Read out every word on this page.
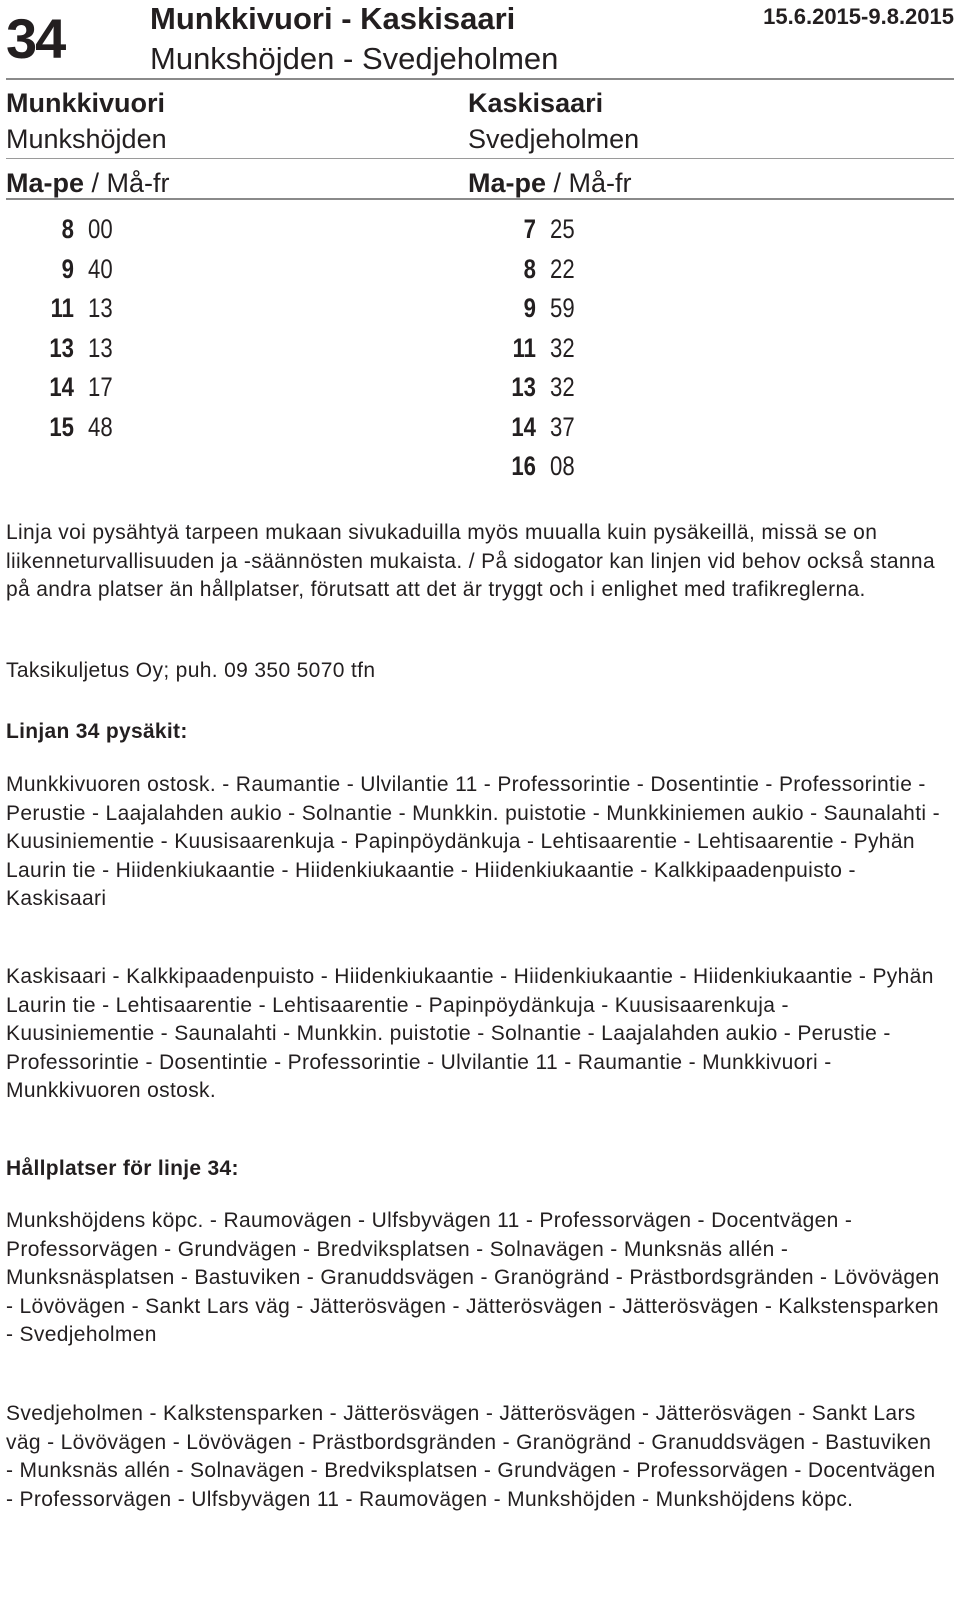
34	Munkkivuori - Kaskisaari
Munkshöjden - Svedjeholmen
15.6.2015-9.8.2015
Munkkivuori
Munkshöjden
Ma-pe / Må-fr
8 00
9 40
11 13
13 13
14 17
15 48
Kaskisaari
Svedjeholmen
Ma-pe / Må-fr
7 25
8 22
9 59
11 32
13 32
14 37
16 08
Linja voi pysähtyä tarpeen mukaan sivukaduilla myös muualla kuin pysäkeillä, missä se on liikenneturvallisuuden ja -säännösten mukaista. / På sidogator kan linjen vid behov också stanna på andra platser än hållplatser, förutsatt att det är tryggt och i enlighet med trafikreglerna.
Taksikuljetus Oy; puh. 09 350 5070 tfn
Linjan 34 pysäkit:
Munkkivuoren ostosk. - Raumantie - Ulvilantie 11 - Professorintie - Dosentintie - Professorintie - Perustie - Laajalahden aukio - Solnantie - Munkkin. puistotie - Munkkiniemen aukio - Saunalahti - Kuusiniementie - Kuusisaarenkuja - Papinpöydänkuja - Lehtisaarentie - Lehtisaarentie - Pyhän Laurin tie - Hiidenkiukaantie - Hiidenkiukaantie - Hiidenkiukaantie - Kalkkipaadenpuisto - Kaskisaari
Kaskisaari - Kalkkipaadenpuisto - Hiidenkiukaantie - Hiidenkiukaantie - Hiidenkiukaantie - Pyhän Laurin tie - Lehtisaarentie - Lehtisaarentie - Papinpöydänkuja - Kuusisaarenkuja - Kuusiniementie - Saunalahti - Munkkin. puistotie - Solnantie - Laajalahden aukio - Perustie - Professorintie - Dosentintie - Professorintie - Ulvilantie 11 - Raumantie - Munkkivuori - Munkkivuoren ostosk.
Hållplatser för linje 34:
Munkshöjdens köpc. - Raumovägen - Ulfsbyvägen 11 - Professorvägen - Docentvägen - Professorvägen - Grundvägen - Bredviksplatsen - Solnavägen - Munksnäs allén - Munksnäsplatsen - Bastuviken - Granuddsvägen - Granögränd - Prästbordsgränden - Lövövägen - Lövövägen - Sankt Lars väg - Jätterösvägen - Jätterösvägen - Jätterösvägen - Kalkstensparken - Svedjeholmen
Svedjeholmen - Kalkstensparken - Jätterösvägen - Jätterösvägen - Jätterösvägen - Sankt Lars väg - Lövövägen - Lövövägen - Prästbordsgränden - Granögränd - Granuddsvägen - Bastuviken - Munksnäs allén - Solnavägen - Bredviksplatsen - Grundvägen - Professorvägen - Docentvägen - Professorvägen - Ulfsbyvägen 11 - Raumovägen - Munkshöjden - Munkshöjdens köpc.
